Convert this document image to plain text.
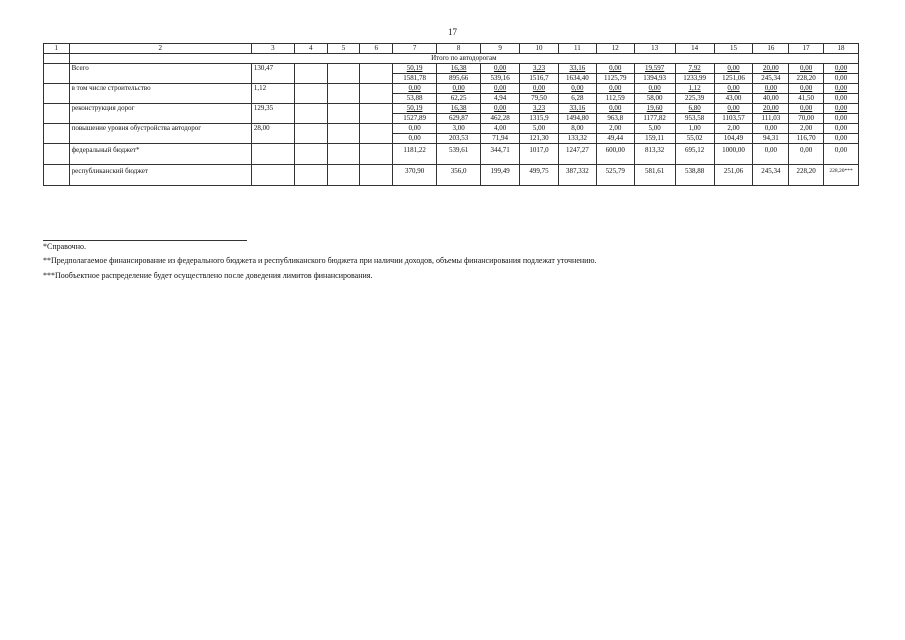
17
1	2	3	4	5	6	7	8	9	10	11	12	13	14	15	16	17	18
	Итого по автодорогам																
	Всего	130,47				50,19	16,38	0,00	3,23	33,16	0,00	19,597	7,92	0,00	20,00	0,00	0,00
						1581,78	895,66	539,16	1516,7	1634,40	1125,79	1394,93	1233,99	1251,06	245,34	228,20	0,00
	в том числе строительство	1,12				0,00	0,00	0,00	0,00	0,00	0,00	0,00	1,12	0,00	0,00	0,00	0,00
						53,88	62,25	4,94	79,50	6,28	112,59	58,00	225,39	43,00	40,00	41,50	0,00
	реконструкция дорог	129,35				50,19	16,38	0,00	3,23	33,16	0,00	19,60	6,80	0,00	20,00	0,00	0,00
						1527,89	629,87	462,28	1315,9	1494,80	963,8	1177,82	953,58	1103,57	111,03	70,00	0,00
	повышение уровня обустройства автодорог	28,00				0,00	3,00	4,00	5,00	8,00	2,00	5,00	1,00	2,00	0,00	2,00	0,00
						0,00	203,53	71,94	121,30	133,32	49,44	159,11	55,02	104,49	94,31	116,70	0,00
	федеральный бюджет*					1181,22	539,61	344,71	1017,0	1247,27	600,00	813,32	695,12	1000,00	0,00	0,00	0,00
	республиканский бюджет					370,90	356,0	199,49	499,75	387,332	525,79	581,61	538,88	251,06	245,34	228,20	228,20***
*Справочно.
**Предполагаемое финансирование из федерального бюджета и республиканского бюджета при наличии доходов, объемы финансирования подлежат уточнению.
***Пообъектное распределение будет осуществлено после доведения лимитов финансирования.
